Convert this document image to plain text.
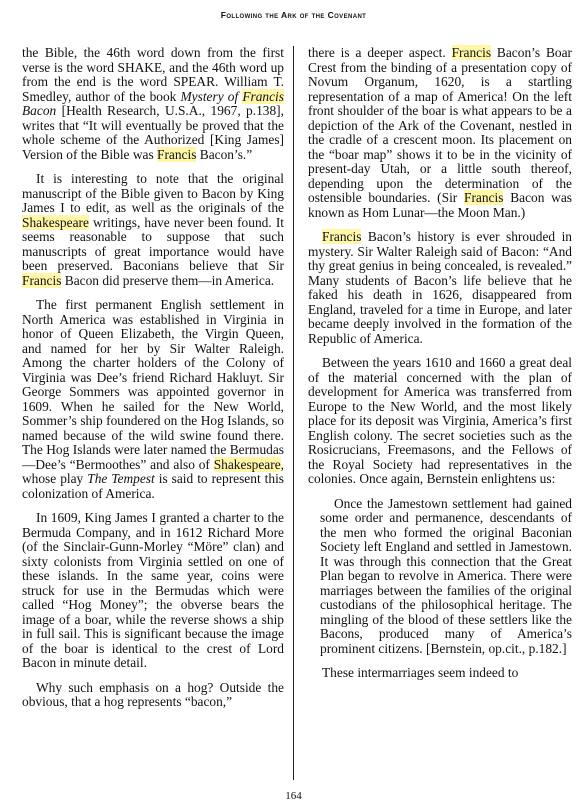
Following the Ark of the Covenant

the Bible, the 46th word down from the first verse is the word SHAKE, and the 46th word up from the end is the word SPEAR. William T. Smedley, author of the book Mystery of Francis Bacon [Health Research, U.S.A., 1967, p.138], writes that “It will eventually be proved that the whole scheme of the Authorized [King James] Version of the Bible was Francis Bacon’s.”

It is interesting to note that the original manuscript of the Bible given to Bacon by King James I to edit, as well as the originals of the Shakespeare writings, have never been found. It seems reasonable to suppose that such manuscripts of great importance would have been preserved. Baconians believe that Sir Francis Bacon did preserve them—in America.

The first permanent English settlement in North America was established in Virginia in honor of Queen Elizabeth, the Virgin Queen, and named for her by Sir Walter Raleigh. Among the charter holders of the Colony of Virginia was Dee’s friend Richard Hakluyt. Sir George Sommers was appointed governor in 1609. When he sailed for the New World, Sommer’s ship foundered on the Hog Islands, so named because of the wild swine found there. The Hog Islands were later named the Bermudas—Dee’s “Bermoothes” and also of Shakespeare, whose play The Tempest is said to represent this colonization of America.

In 1609, King James I granted a charter to the Bermuda Company, and in 1612 Richard More (of the Sinclair-Gunn-Morley “Möre” clan) and sixty colonists from Virginia settled on one of these islands. In the same year, coins were struck for use in the Bermudas which were called “Hog Money”; the obverse bears the image of a boar, while the reverse shows a ship in full sail. This is significant because the image of the boar is identical to the crest of Lord Bacon in minute detail.

Why such emphasis on a hog? Outside the obvious, that a hog represents “bacon,”

there is a deeper aspect. Francis Bacon’s Boar Crest from the binding of a presentation copy of Novum Organum, 1620, is a startling representation of a map of America! On the left front shoulder of the boar is what appears to be a depiction of the Ark of the Covenant, nestled in the cradle of a crescent moon. Its placement on the “boar map” shows it to be in the vicinity of present-day Utah, or a little south thereof, depending upon the determination of the ostensible boundaries. (Sir Francis Bacon was known as Hom Lunar—the Moon Man.)

Francis Bacon’s history is ever shrouded in mystery. Sir Walter Raleigh said of Bacon: “And thy great genius in being concealed, is revealed.” Many students of Bacon’s life believe that he faked his death in 1626, disappeared from England, traveled for a time in Europe, and later became deeply involved in the formation of the Republic of America.

Between the years 1610 and 1660 a great deal of the material concerned with the plan of development for America was transferred from Europe to the New World, and the most likely place for its deposit was Virginia, America’s first English colony. The secret societies such as the Rosicrucians, Freemasons, and the Fellows of the Royal Society had representatives in the colonies. Once again, Bernstein enlightens us:

Once the Jamestown settlement had gained some order and permanence, descendants of the men who formed the original Baconian Society left England and settled in Jamestown. It was through this connection that the Great Plan began to revolve in America. There were marriages between the families of the original custodians of the philosophical heritage. The mingling of the blood of these settlers like the Bacons, produced many of America’s prominent citizens. [Bernstein, op.cit., p.182.]

These intermarriages seem indeed to

164
